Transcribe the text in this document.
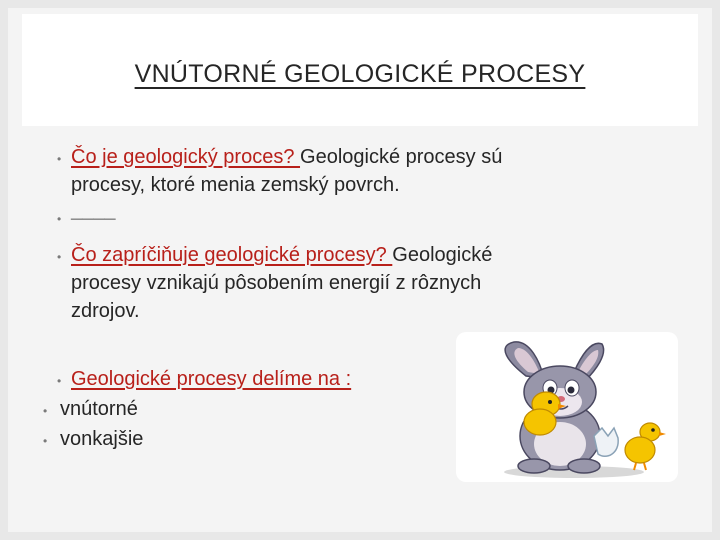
VNÚTORNÉ GEOLOGICKÉ PROCESY
• Čo je geologický proces? Geologické procesy sú
procesy, ktoré menia zemský povrch.
• ____
• Čo zapríčiňuje geologické procesy? Geologické
procesy vznikajú pôsobením energií z rôznych
zdrojov.
• Geologické procesy delíme na :
• vnútorné
• vonkajšie
